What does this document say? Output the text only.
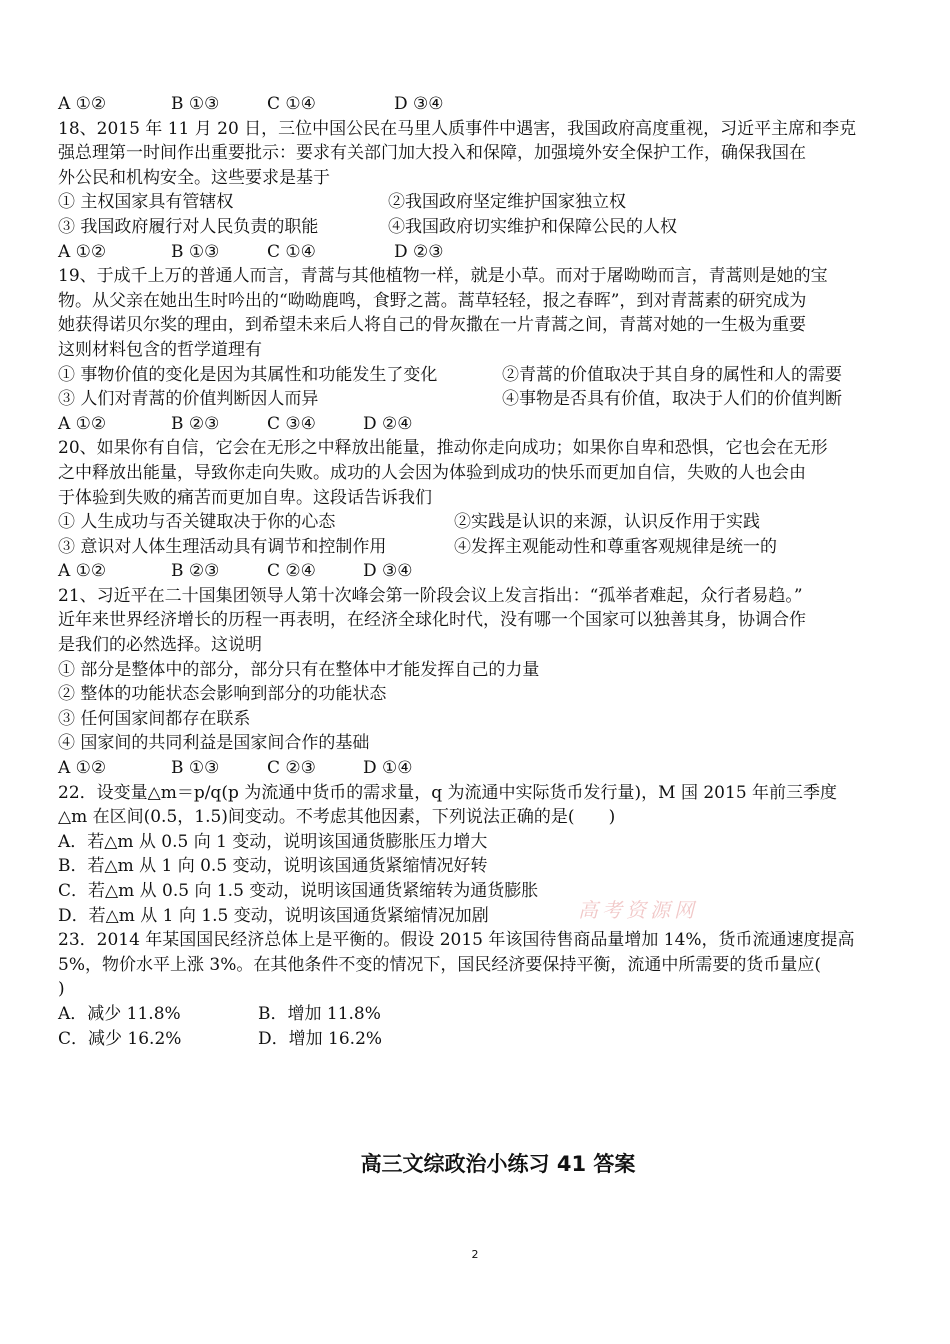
A ①②	B ①③	C ①④	D ③④
18、2015 年 11 月 20 日，三位中国公民在马里人质事件中遇害，我国政府高度重视，习近平主席和李克
强总理第一时间作出重要批示：要求有关部门加大投入和保障，加强境外安全保护工作，确保我国在
外公民和机构安全。这些要求是基于
① 主权国家具有管辖权	②我国政府坚定维护国家独立权
③ 我国政府履行对人民负责的职能	④我国政府切实维护和保障公民的人权
A ①②	B ①③	C ①④	D ②③
19、于成千上万的普通人而言，青蒿与其他植物一样，就是小草。而对于屠呦呦而言，青蒿则是她的宝
物。从父亲在她出生时吟出的“呦呦鹿鸣，食野之蒿。蒿草轻轻，报之春晖”，到对青蒿素的研究成为
她获得诺贝尔奖的理由，到希望未来后人将自己的骨灰撒在一片青蒿之间，青蒿对她的一生极为重要
这则材料包含的哲学道理有
① 事物价值的变化是因为其属性和功能发生了变化	②青蒿的价值取决于其自身的属性和人的需要
③ 人们对青蒿的价值判断因人而异	④事物是否具有价值，取决于人们的价值判断
A ①②	B ②③	C ③④	D ②④
20、如果你有自信，它会在无形之中释放出能量，推动你走向成功；如果你自卑和恐惧，它也会在无形
之中释放出能量，导致你走向失败。成功的人会因为体验到成功的快乐而更加自信，失败的人也会由
于体验到失败的痛苦而更加自卑。这段话告诉我们
① 人生成功与否关键取决于你的心态	②实践是认识的来源，认识反作用于实践
③ 意识对人体生理活动具有调节和控制作用	④发挥主观能动性和尊重客观规律是统一的
A ①②	B ②③	C ②④	D ③④
21、习近平在二十国集团领导人第十次峰会第一阶段会议上发言指出：“孤举者难起，众行者易趋。”
近年来世界经济增长的历程一再表明，在经济全球化时代，没有哪一个国家可以独善其身，协调合作
是我们的必然选择。这说明
① 部分是整体中的部分，部分只有在整体中才能发挥自己的力量
② 整体的功能状态会影响到部分的功能状态
③ 任何国家间都存在联系
④ 国家间的共同利益是国家间合作的基础
A ①②	B ①③	C ②③	D ①④
22．设变量△m＝p/q(p 为流通中货币的需求量，q 为流通中实际货币发行量)，M 国 2015 年前三季度
△m 在区间(0.5，1.5)间变动。不考虑其他因素，下列说法正确的是(　　)
A．若△m 从 0.5 向 1 变动，说明该国通货膨胀压力增大
B．若△m 从 1 向 0.5 变动，说明该国通货紧缩情况好转
C．若△m 从 0.5 向 1.5 变动，说明该国通货紧缩转为通货膨胀
D．若△m 从 1 向 1.5 变动，说明该国通货紧缩情况加剧
23．2014 年某国国民经济总体上是平衡的。假设 2015 年该国待售商品量增加 14%，货币流通速度提高
5%，物价水平上涨 3%。在其他条件不变的情况下，国民经济要保持平衡，流通中所需要的货币量应(
)
A．减少 11.8%	B．增加 11.8%
C．减少 16.2%	D．增加 16.2%
高三文综政治小练习 41 答案
高考资源网
2
